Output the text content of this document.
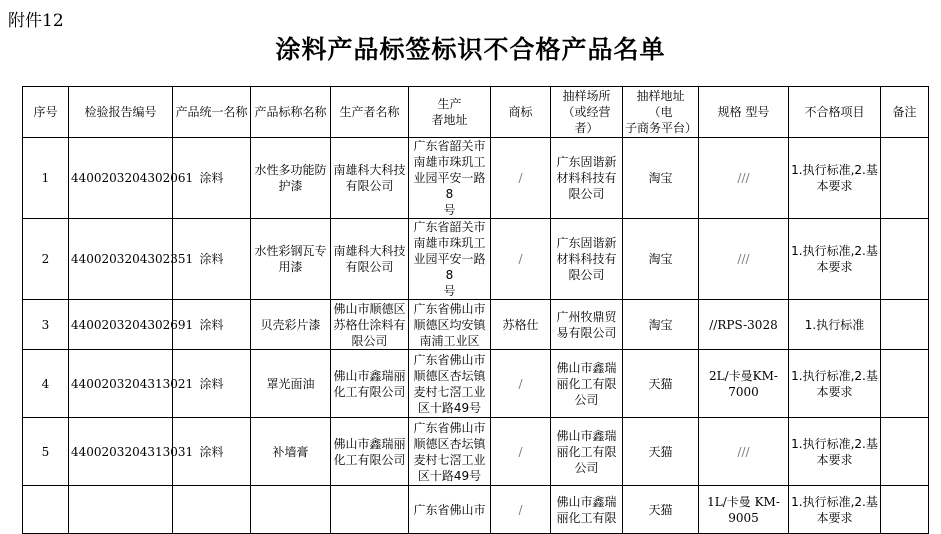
附件12
涂料产品标签标识不合格产品名单
序号	检验报告编号	产品统一名称	产品标称名称	生产者名称	生产
者地址	商标	抽样场所
（或经营
者）	抽样地址（电
子商务平台）	规格 型号	不合格项目	备注
1	4400203204302061	涂料	水性多功能防
护漆	南雄科大科技
有限公司	广东省韶关市
南雄市珠玑工
业园平安一路8
号	/	广东固谐新
材料科技有
限公司	淘宝	///	1.执行标准,2.基
本要求	
2	4400203204302351	涂料	水性彩钢瓦专
用漆	南雄科大科技
有限公司	广东省韶关市
南雄市珠玑工
业园平安一路8
号	/	广东固谐新
材料科技有
限公司	淘宝	///	1.执行标准,2.基
本要求	
3	4400203204302691	涂料	贝壳彩片漆	佛山市顺德区
苏格仕涂料有
限公司	广东省佛山市
顺德区均安镇
南浦工业区	苏格仕	广州牧鼎贸
易有限公司	淘宝	//RPS-3028	1.执行标准	
4	4400203204313021	涂料	罩光面油	佛山市鑫瑞丽
化工有限公司	广东省佛山市
顺德区杏坛镇
麦村七滘工业
区十路49号	/	佛山市鑫瑞
丽化工有限
公司	天猫	2L/卡曼KM-
7000	1.执行标准,2.基
本要求	
5	4400203204313031	涂料	补墙膏	佛山市鑫瑞丽
化工有限公司	广东省佛山市
顺德区杏坛镇
麦村七滘工业
区十路49号	/	佛山市鑫瑞
丽化工有限
公司	天猫	///	1.执行标准,2.基
本要求	
					广东省佛山市	/	佛山市鑫瑞
丽化工有限	天猫	1L/卡曼 KM-
9005	1.执行标准,2.基
本要求	
